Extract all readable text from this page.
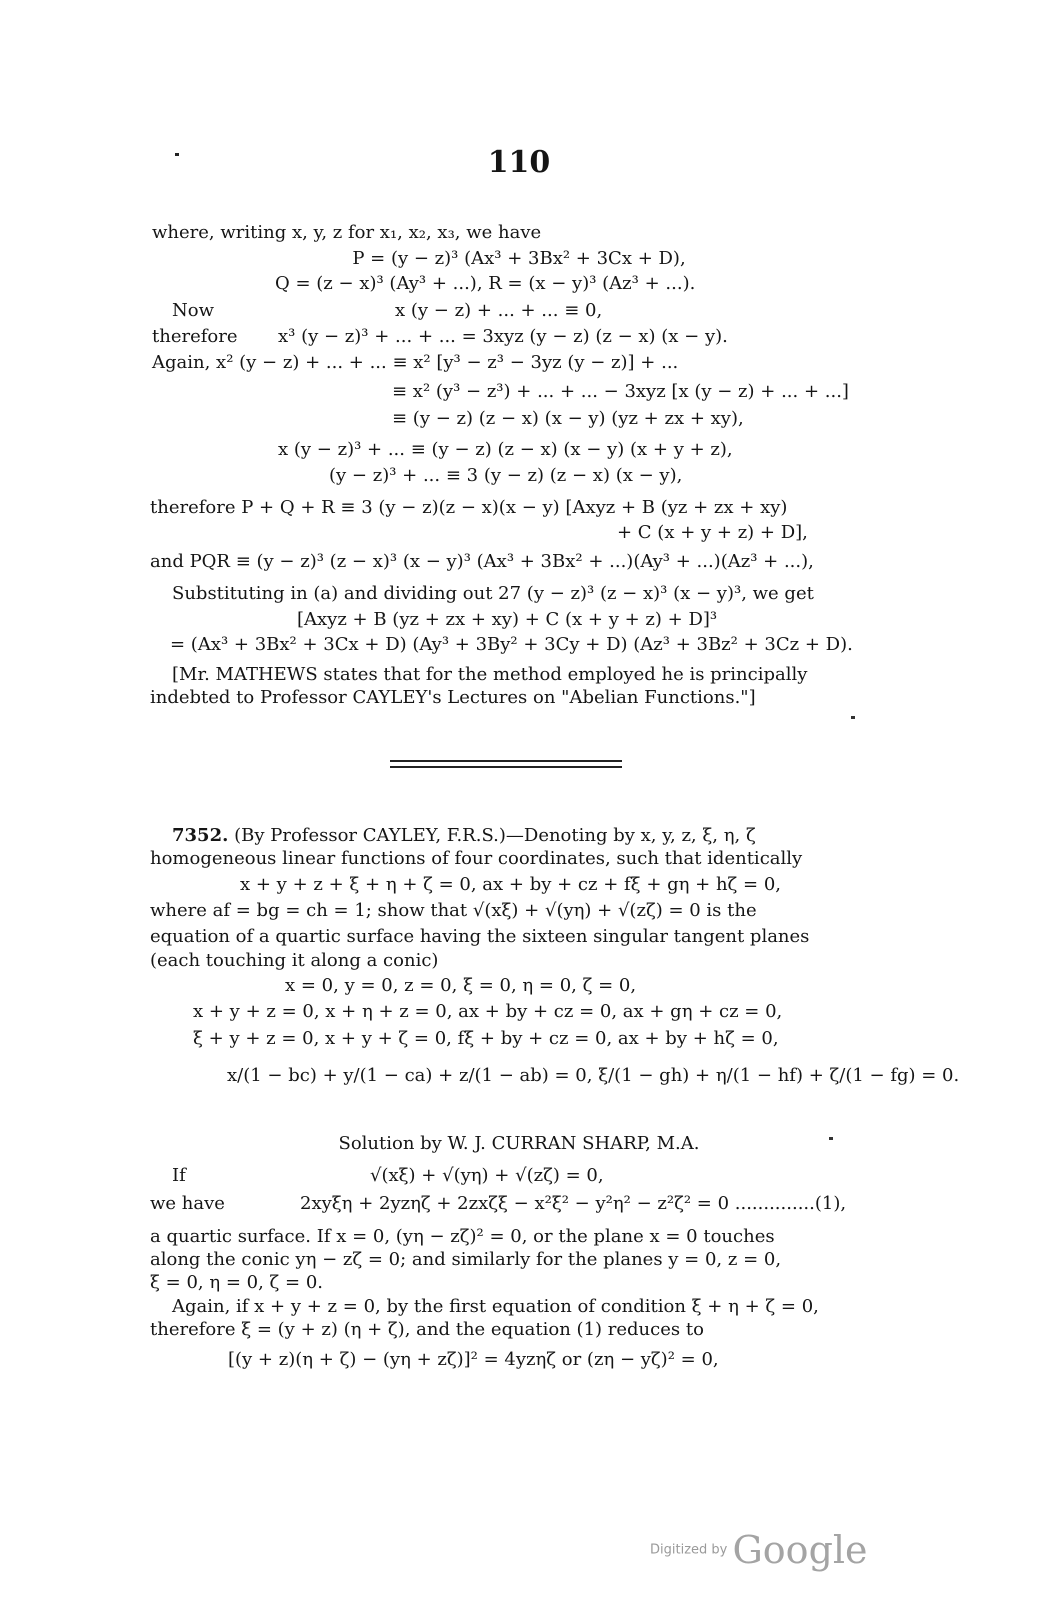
110
where, writing x, y, z for x₁, x₂, x₃, we have
P = (y − z)³ (Ax³ + 3Bx² + 3Cx + D),
Q = (z − x)³ (Ay³ + ...), R = (x − y)³ (Az³ + ...).
Now	x (y − z) + ... + ... ≡ 0,
therefore x³ (y − z)³ + ... + ... = 3xyz (y − z) (z − x) (x − y).
Again, x² (y − z) + ... + ... ≡ x² [y³ − z³ − 3yz (y − z)] + ...
≡ x² (y³ − z³) + ... + ... − 3xyz [x (y − z) + ... + ...]
≡ (y − z) (z − x) (x − y) (yz + zx + xy),
x (y − z)³ + ... ≡ (y − z) (z − x) (x − y) (x + y + z),
(y − z)³ + ... ≡ 3 (y − z) (z − x) (x − y),
therefore P + Q + R ≡ 3 (y − z)(z − x)(x − y) [Axyz + B (yz + zx + xy)
+ C (x + y + z) + D],
and PQR ≡ (y − z)³ (z − x)³ (x − y)³ (Ax³ + 3Bx² + ...)(Ay³ + ...)(Az³ + ...),
Substituting in (a) and dividing out 27 (y − z)³ (z − x)³ (x − y)³, we get
[Axyz + B (yz + zx + xy) + C (x + y + z) + D]³
= (Ax³ + 3Bx² + 3Cx + D) (Ay³ + 3By² + 3Cy + D) (Az³ + 3Bz² + 3Cz + D).
[Mr. MATHEWS states that for the method employed he is principally
indebted to Professor CAYLEY's Lectures on "Abelian Functions."]
7352. (By Professor CAYLEY, F.R.S.)—Denoting by x, y, z, ξ, η, ζ
homogeneous linear functions of four coordinates, such that identically
x + y + z + ξ + η + ζ = 0, ax + by + cz + fξ + gη + hζ = 0,
where af = bg = ch = 1; show that √(xξ) + √(yη) + √(zζ) = 0 is the
equation of a quartic surface having the sixteen singular tangent planes
(each touching it along a conic)
x = 0, y = 0, z = 0, ξ = 0, η = 0, ζ = 0,
x + y + z = 0, x + η + z = 0, ax + by + cz = 0, ax + gη + cz = 0,
ξ + y + z = 0, x + y + ζ = 0, fξ + by + cz = 0, ax + by + hζ = 0,
x/(1 − bc) + y/(1 − ca) + z/(1 − ab) = 0, ξ/(1 − gh) + η/(1 − hf) + ζ/(1 − fg) = 0.
Solution by W. J. CURRAN SHARP, M.A.
If	√(xξ) + √(yη) + √(zζ) = 0,
we have	2xyξη + 2yzηζ + 2zxζξ − x²ξ² − y²η² − z²ζ² = 0 ..............(1),
a quartic surface. If x = 0, (yη − zζ)² = 0, or the plane x = 0 touches
along the conic yη − zζ = 0; and similarly for the planes y = 0, z = 0,
ξ = 0, η = 0, ζ = 0.
Again, if x + y + z = 0, by the first equation of condition ξ + η + ζ = 0,
therefore ξ = (y + z) (η + ζ), and the equation (1) reduces to
[(y + z)(η + ζ) − (yη + zζ)]² = 4yzηζ or (zη − yζ)² = 0,
Digitized by Google
